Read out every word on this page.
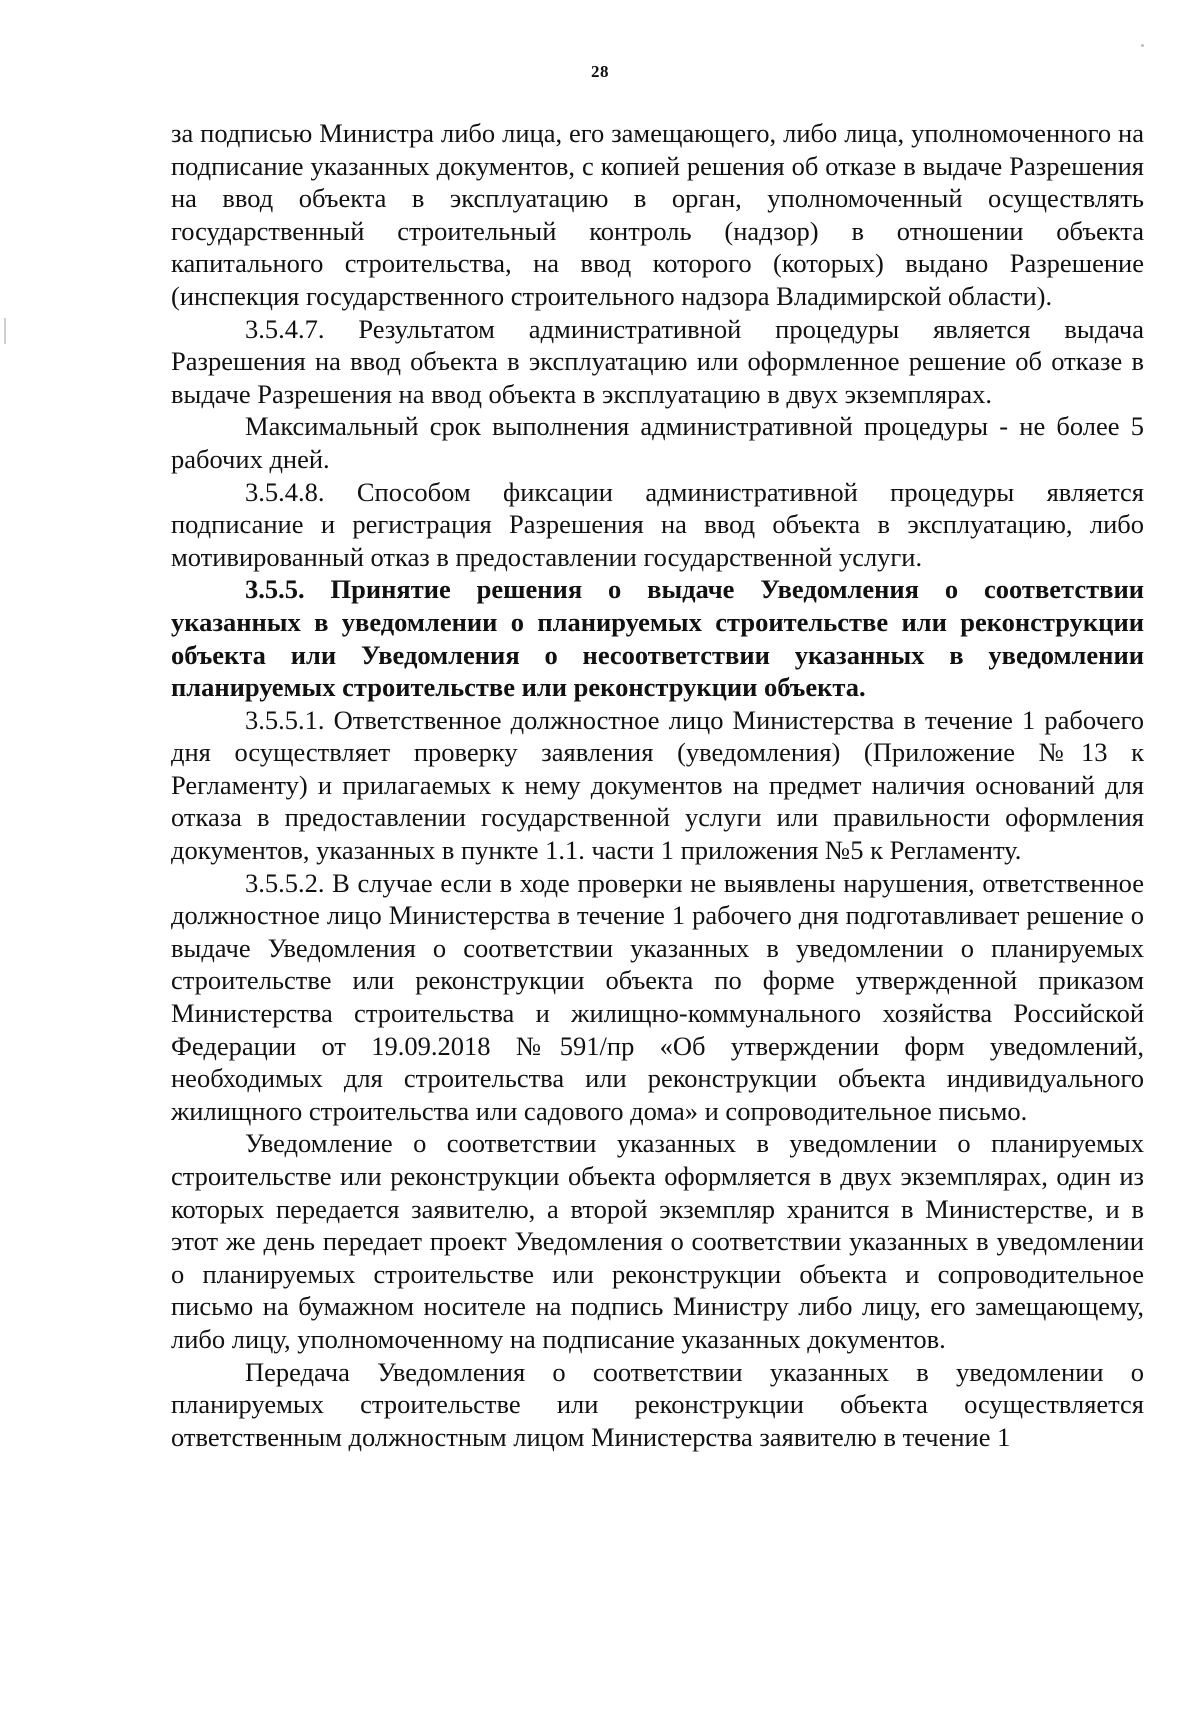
28

за подписью Министра либо лица, его замещающего, либо лица, уполномоченного на подписание указанных документов, с копией решения об отказе в выдаче Разрешения на ввод объекта в эксплуатацию в орган, уполномоченный осуществлять государственный строительный контроль (надзор) в отношении объекта капитального строительства, на ввод которого (которых) выдано Разрешение (инспекция государственного строительного надзора Владимирской области).

3.5.4.7. Результатом административной процедуры является выдача Разрешения на ввод объекта в эксплуатацию или оформленное решение об отказе в выдаче Разрешения на ввод объекта в эксплуатацию в двух экземплярах.

Максимальный срок выполнения административной процедуры - не более 5 рабочих дней.

3.5.4.8. Способом фиксации административной процедуры является подписание и регистрация Разрешения на ввод объекта в эксплуатацию, либо мотивированный отказ в предоставлении государственной услуги.

3.5.5. Принятие решения о выдаче Уведомления о соответствии указанных в уведомлении о планируемых строительстве или реконструкции объекта или Уведомления о несоответствии указанных в уведомлении планируемых строительстве или реконструкции объекта.

3.5.5.1. Ответственное должностное лицо Министерства в течение 1 рабочего дня осуществляет проверку заявления (уведомления) (Приложение №13 к Регламенту) и прилагаемых к нему документов на предмет наличия оснований для отказа в предоставлении государственной услуги или правильности оформления документов, указанных в пункте 1.1. части 1 приложения №5 к Регламенту.

3.5.5.2. В случае если в ходе проверки не выявлены нарушения, ответственное должностное лицо Министерства в течение 1 рабочего дня подготавливает решение о выдаче Уведомления о соответствии указанных в уведомлении о планируемых строительстве или реконструкции объекта по форме утвержденной приказом Министерства строительства и жилищно-коммунального хозяйства Российской Федерации от 19.09.2018 №591/пр «Об утверждении форм уведомлений, необходимых для строительства или реконструкции объекта индивидуального жилищного строительства или садового дома» и сопроводительное письмо.

Уведомление о соответствии указанных в уведомлении о планируемых строительстве или реконструкции объекта оформляется в двух экземплярах, один из которых передается заявителю, а второй экземпляр хранится в Министерстве, и в этот же день передает проект Уведомления о соответствии указанных в уведомлении о планируемых строительстве или реконструкции объекта и сопроводительное письмо на бумажном носителе на подпись Министру либо лицу, его замещающему, либо лицу, уполномоченному на подписание указанных документов.

Передача Уведомления о соответствии указанных в уведомлении о планируемых строительстве или реконструкции объекта осуществляется ответственным должностным лицом Министерства заявителю в течение 1
